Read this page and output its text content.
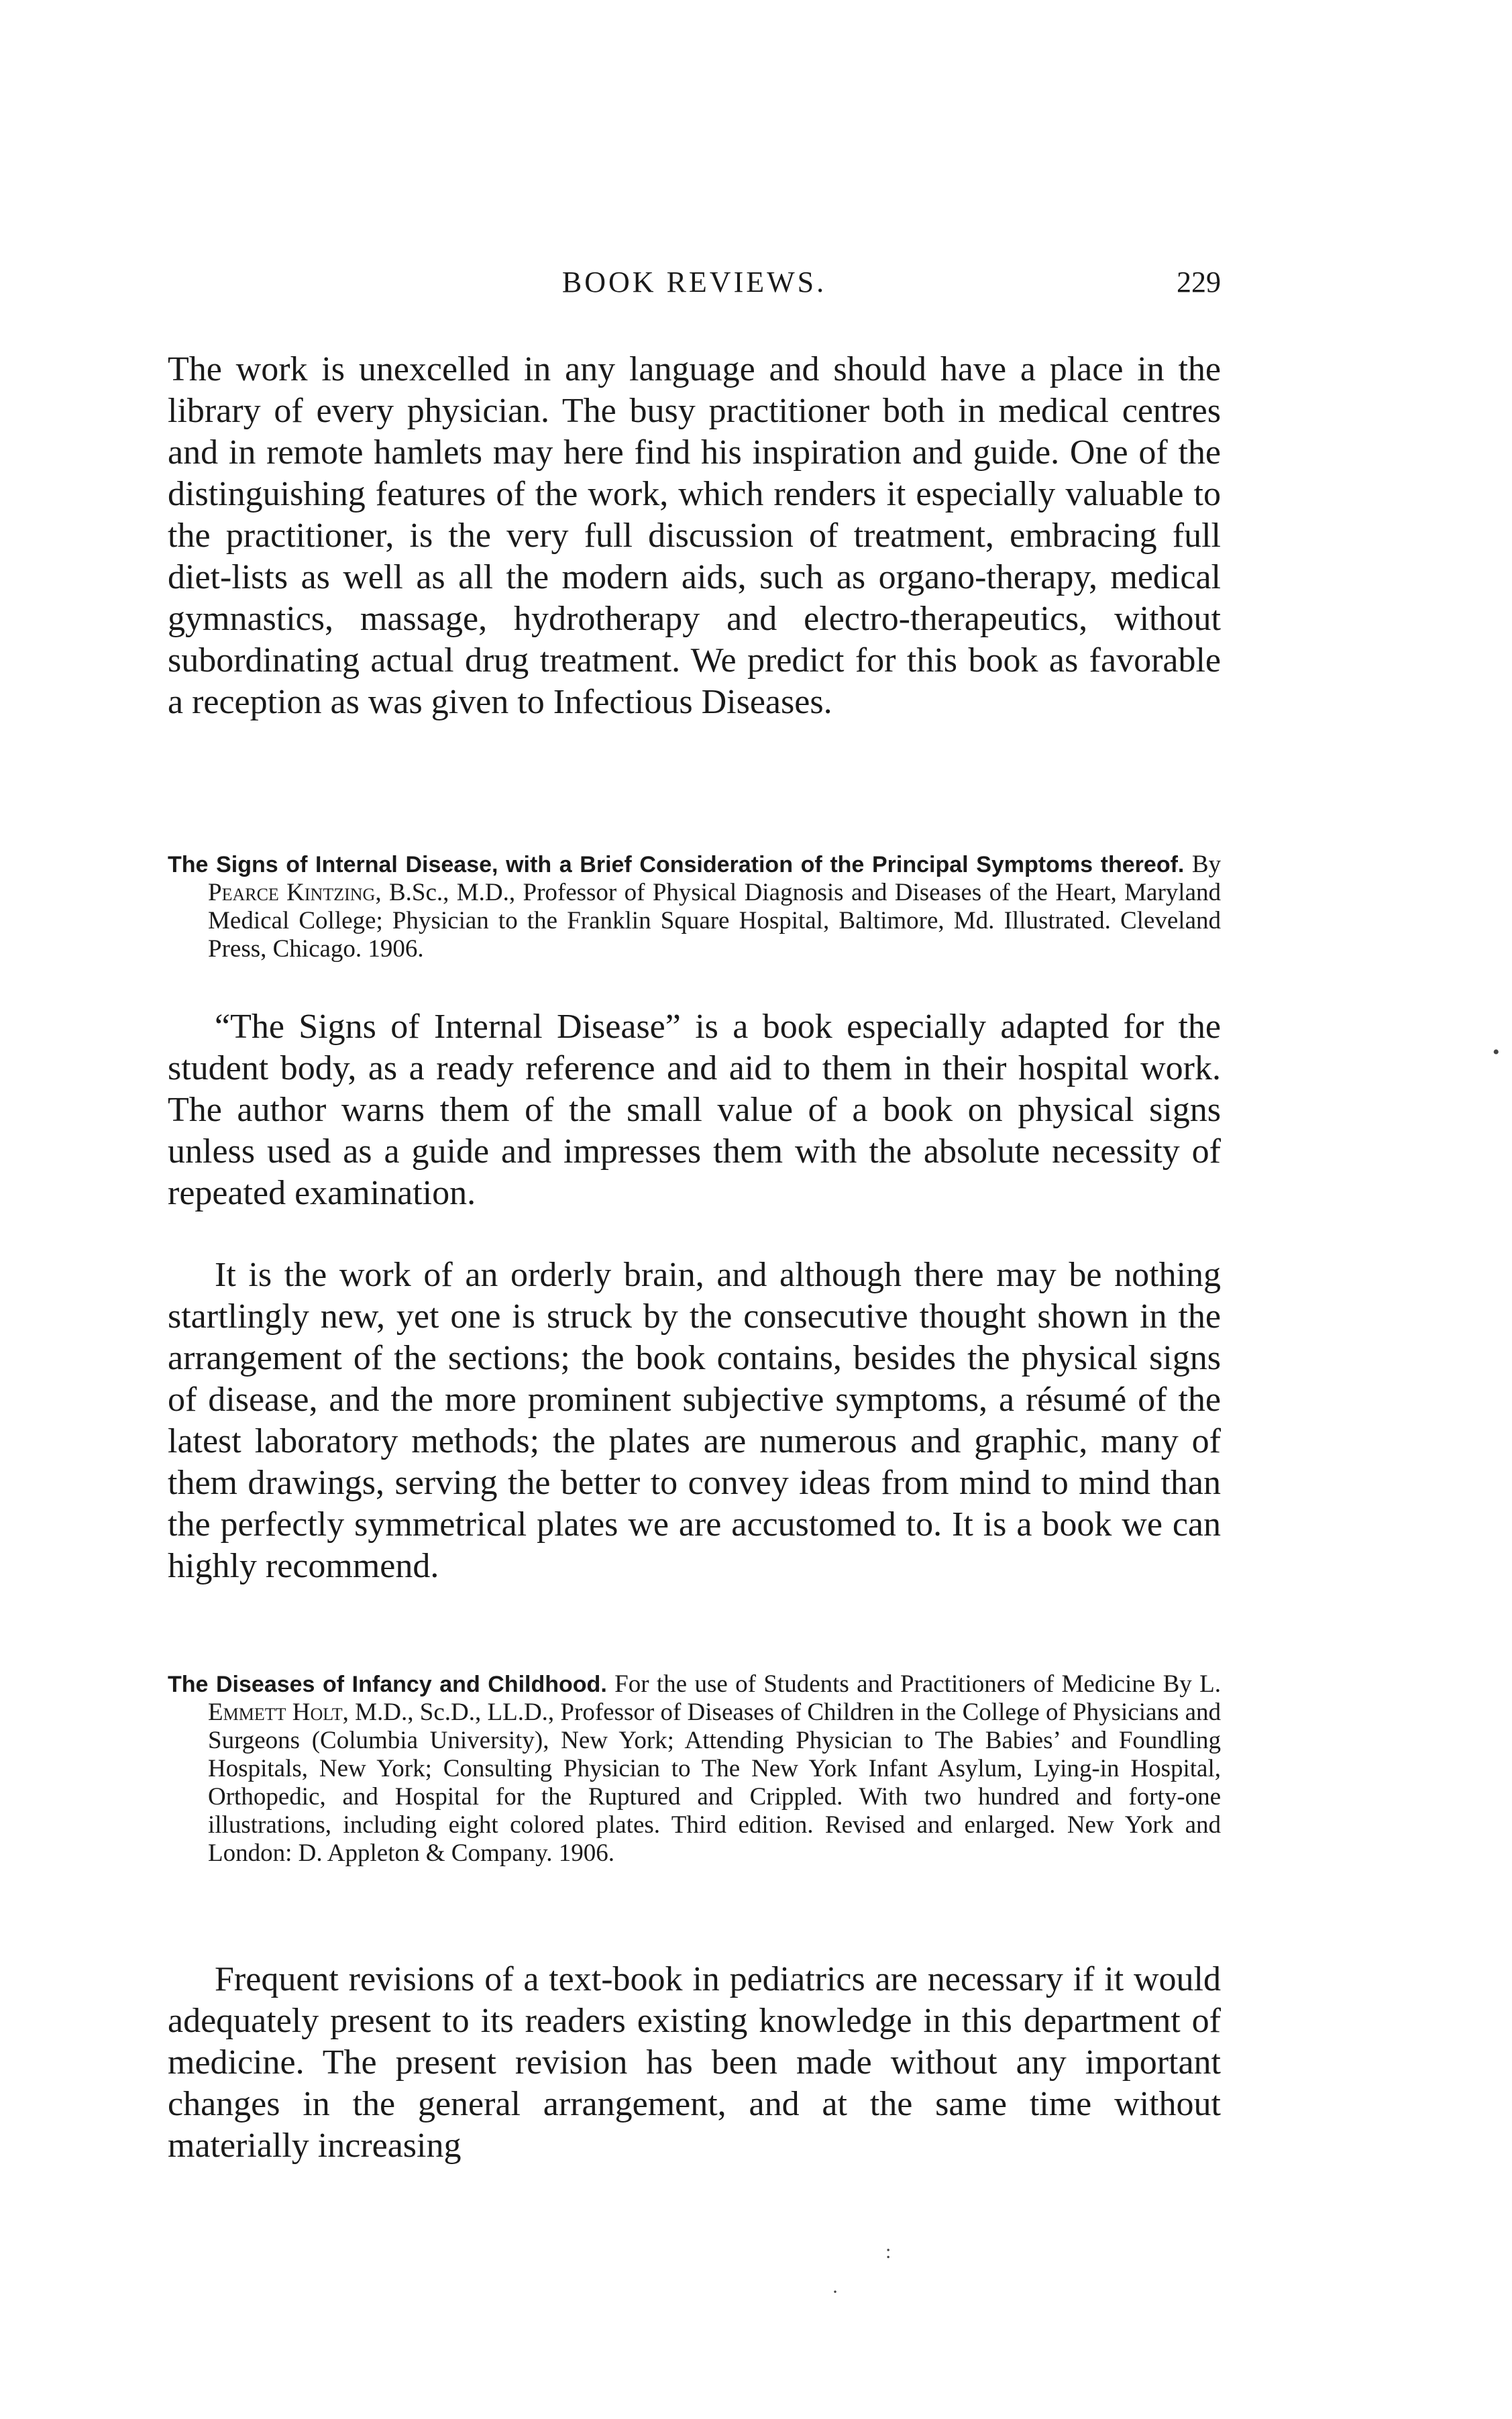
BOOK REVIEWS.	229

The work is unexcelled in any language and should have a place in the library of every physician. The busy practitioner both in medical centres and in remote hamlets may here find his inspiration and guide. One of the distinguishing features of the work, which renders it especially valuable to the practitioner, is the very full discussion of treatment, embracing full diet-lists as well as all the modern aids, such as organo-therapy, medical gymnastics, massage, hydrotherapy and electro-therapeutics, without subordinating actual drug treatment. We predict for this book as favorable a reception as was given to Infectious Diseases.

The Signs of Internal Disease, with a Brief Consideration of the Principal Symptoms thereof. By Pearce Kintzing, B.Sc., M.D., Professor of Physical Diagnosis and Diseases of the Heart, Maryland Medical College; Physician to the Franklin Square Hospital, Baltimore, Md. Illustrated. Cleveland Press, Chicago. 1906.

“The Signs of Internal Disease” is a book especially adapted for the student body, as a ready reference and aid to them in their hospital work. The author warns them of the small value of a book on physical signs unless used as a guide and impresses them with the absolute necessity of repeated examination.

It is the work of an orderly brain, and although there may be nothing startlingly new, yet one is struck by the consecutive thought shown in the arrangement of the sections; the book contains, besides the physical signs of disease, and the more prominent subjective symptoms, a résumé of the latest laboratory methods; the plates are numerous and graphic, many of them drawings, serving the better to convey ideas from mind to mind than the perfectly symmetrical plates we are accustomed to. It is a book we can highly recommend.

The Diseases of Infancy and Childhood. For the use of Students and Practitioners of Medicine By L. Emmett Holt, M.D., Sc.D., LL.D., Professor of Diseases of Children in the College of Physicians and Surgeons (Columbia University), New York; Attending Physician to The Babies’ and Foundling Hospitals, New York; Consulting Physician to The New York Infant Asylum, Lying-in Hospital, Orthopedic, and Hospital for the Ruptured and Crippled. With two hundred and forty-one illustrations, including eight colored plates. Third edition. Revised and enlarged. New York and London: D. Appleton & Company. 1906.

Frequent revisions of a text-book in pediatrics are necessary if it would adequately present to its readers existing knowledge in this department of medicine. The present revision has been made without any important changes in the general arrangement, and at the same time without materially increasing

•
:
·
